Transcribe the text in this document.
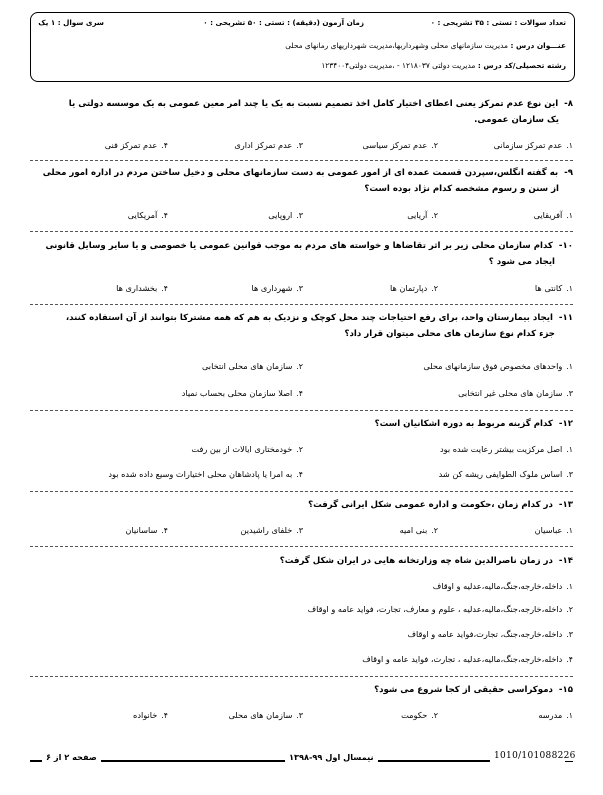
تعداد سوالات : تستی : ۳۵ تشریحی : ۰
زمان آزمون (دقیقه) : تستی : ۵۰ تشریحی : ۰
سری سوال : ۱ یک
عنـــوان درس : مدیریت سازمانهای محلی وشهرداربها،مدیریت شهرداریهای رمانهای محلی
رشته تحصیلی/کد درس : مدیریت دولتی ۱۲۱۸۰۳۷ - ،مدیریت دولتی۱۲۳۴۰۰۴
۸-این نوع عدم تمرکز یعنی اعطای اختیار کامل اخذ تصمیم نسبت به یک یا چند امر معین عمومی به یک موسسه دولتی یا
یک سازمان عمومی.
۱.عدم تمرکز سازمانی
۲.عدم تمرکز سیاسی
۳.عدم تمرکز اداری
۴.عدم تمرکز فنی
۹-به گفته انگلس،سپردن قسمت عمده ای از امور عمومی به دست سازمانهای محلی و دخیل ساختن مردم در اداره امور محلی
از سنن و رسوم مشخصه کدام نژاد بوده است؟
۱.آفریقایی
۲.آریایی
۳.اروپایی
۴.آمریکایی
۱۰-کدام سازمان محلی زیر بر اثر تقاضاها و خواسته های مردم به موجب قوانین عمومی یا خصوصی و یا سایر وسایل قانونی
ایجاد می شود ؟
۱.کانتی ها
۲.دپارتمان ها
۳.شهرداری ها
۴.بخشداری ها
۱۱-ایجاد بیمارستان واحد، برای رفع احتیاجات چند محل کوچک و نزدیک به هم که همه مشترکا بتوانند از آن استفاده کنند،
جزء کدام نوع سازمان های محلی میتوان قرار داد؟
۱.واحدهای مخصوص فوق سازمانهای محلی
۲.سازمان های محلی انتخابی
۳.سازمان های محلی غیر انتخابی
۴.اصلا سازمان محلی بحساب نمیاد
۱۲-کدام گزینه مربوط به دوره اشکانیان است؟
۱.اصل مرکزیت بیشتر رعایت شده بود
۲.خودمختاری ایالات از بین رفت
۳.اساس ملوک الطوایفی ریشه کن شد
۴.به امرا یا پادشاهان محلی اختیارات وسیع داده شده بود
۱۳-در کدام زمان ،حکومت و اداره عمومی شکل ایرانی گرفت؟
۱.عباسیان
۲.بنی امیه
۳.خلفای راشیدین
۴.ساسانیان
۱۴-در زمان ناصرالدین شاه چه وزارتخانه هایی در ایران شکل گرفت؟
۱.داخله،خارجه،جنگ،مالیه،عدلیه و اوقاف
۲.داخله،خارجه،جنگ،مالیه،عدلیه ، علوم و معارف، تجارت، فواید عامه و اوقاف
۳.داخله،خارجه،جنگ، تجارت،فواید عامه و اوقاف
۴.داخله،خارجه،جنگ،مالیه،عدلیه ، تجارت، فواید عامه و اوقاف
۱۵-دموکراسی حقیقی از کجا شروع می شود؟
۱.مدرسه
۲.حکومت
۳.سازمان های محلی
۴.خانواده
صفحه ۲ از ۶	نیمسال اول ۹۹-۱۳۹۸	1010/101088226
